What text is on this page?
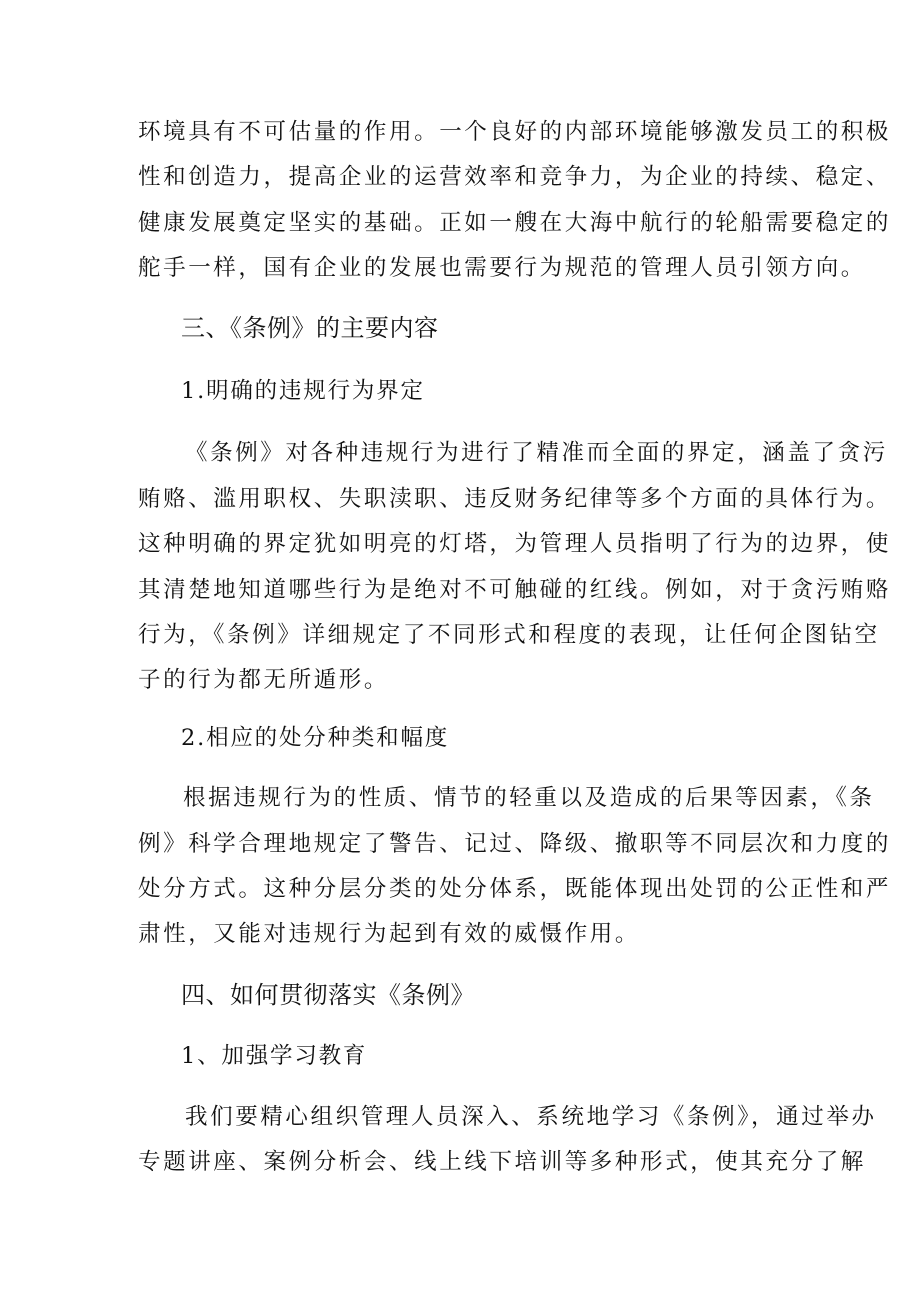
环境具有不可估量的作用。一个良好的内部环境能够激发员工的积极
性和创造力，提高企业的运营效率和竞争力，为企业的持续、稳定、
健康发展奠定坚实的基础。正如一艘在大海中航行的轮船需要稳定的
舵手一样，国有企业的发展也需要行为规范的管理人员引领方向。
三、《条例》的主要内容
1.明确的违规行为界定
《条例》对各种违规行为进行了精准而全面的界定，涵盖了贪污
贿赂、滥用职权、失职渎职、违反财务纪律等多个方面的具体行为。
这种明确的界定犹如明亮的灯塔，为管理人员指明了行为的边界，使
其清楚地知道哪些行为是绝对不可触碰的红线。例如，对于贪污贿赂
行为，《条例》详细规定了不同形式和程度的表现，让任何企图钻空
子的行为都无所遁形。
2.相应的处分种类和幅度
根据违规行为的性质、情节的轻重以及造成的后果等因素，《条
例》科学合理地规定了警告、记过、降级、撤职等不同层次和力度的
处分方式。这种分层分类的处分体系，既能体现出处罚的公正性和严
肃性，又能对违规行为起到有效的威慑作用。
四、如何贯彻落实《条例》
1、加强学习教育
我们要精心组织管理人员深入、系统地学习《条例》，通过举办
专题讲座、案例分析会、线上线下培训等多种形式，使其充分了解
